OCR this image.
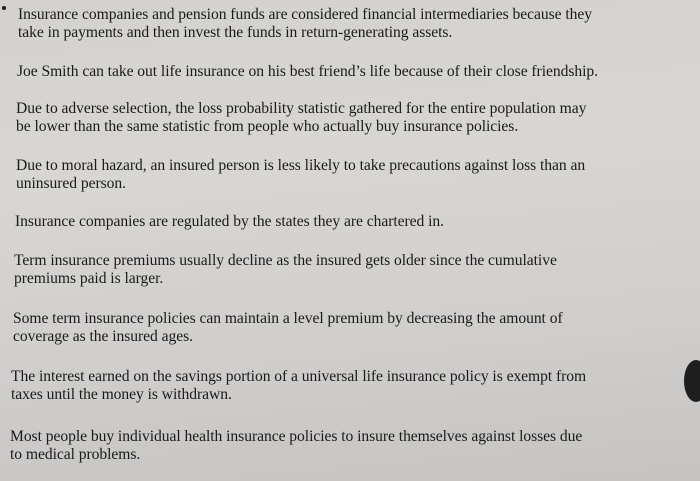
Insurance companies and pension funds are considered financial intermediaries because they
take in payments and then invest the funds in return-generating assets.
Joe Smith can take out life insurance on his best friend’s life because of their close friendship.
Due to adverse selection, the loss probability statistic gathered for the entire population may
be lower than the same statistic from people who actually buy insurance policies.
Due to moral hazard, an insured person is less likely to take precautions against loss than an
uninsured person.
Insurance companies are regulated by the states they are chartered in.
Term insurance premiums usually decline as the insured gets older since the cumulative
premiums paid is larger.
Some term insurance policies can maintain a level premium by decreasing the amount of
coverage as the insured ages.
The interest earned on the savings portion of a universal life insurance policy is exempt from
taxes until the money is withdrawn.
Most people buy individual health insurance policies to insure themselves against losses due
to medical problems.
